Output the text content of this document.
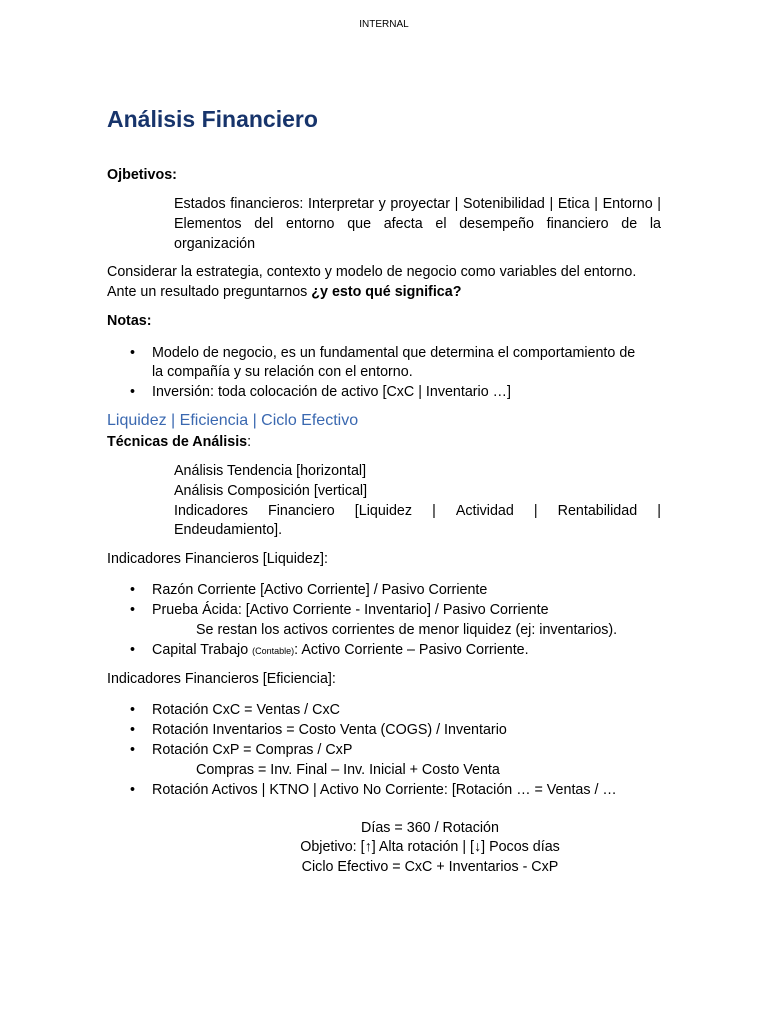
INTERNAL
Análisis Financiero
Ojbetivos:
Estados financieros: Interpretar y proyectar | Sotenibilidad | Etica | Entorno | Elementos del entorno que afecta el desempeño financiero de la organización
Considerar la estrategia, contexto y modelo de negocio como variables del entorno.
Ante un resultado preguntarnos ¿y esto qué significa?
Notas:
• Modelo de negocio, es un fundamental que determina el comportamiento de
la compañía y su relación con el entorno.
• Inversión: toda colocación de activo [CxC | Inventario …]
Liquidez | Eficiencia | Ciclo Efectivo
Técnicas de Análisis:
Análisis Tendencia [horizontal]
Análisis Composición [vertical]
Indicadores Financiero [Liquidez | Actividad | Rentabilidad |
Endeudamiento].
Indicadores Financieros [Liquidez]:
• Razón Corriente [Activo Corriente] / Pasivo Corriente
• Prueba Ácida: [Activo Corriente - Inventario] / Pasivo Corriente
Se restan los activos corrientes de menor liquidez (ej: inventarios).
• Capital Trabajo (Contable): Activo Corriente – Pasivo Corriente.
Indicadores Financieros [Eficiencia]:
• Rotación CxC = Ventas / CxC
• Rotación Inventarios = Costo Venta (COGS) / Inventario
• Rotación CxP = Compras / CxP
Compras = Inv. Final – Inv. Inicial + Costo Venta
• Rotación Activos | KTNO | Activo No Corriente: [Rotación … = Ventas / …
Días = 360 / Rotación
Objetivo: [↑] Alta rotación | [↓] Pocos días
Ciclo Efectivo = CxC + Inventarios - CxP
